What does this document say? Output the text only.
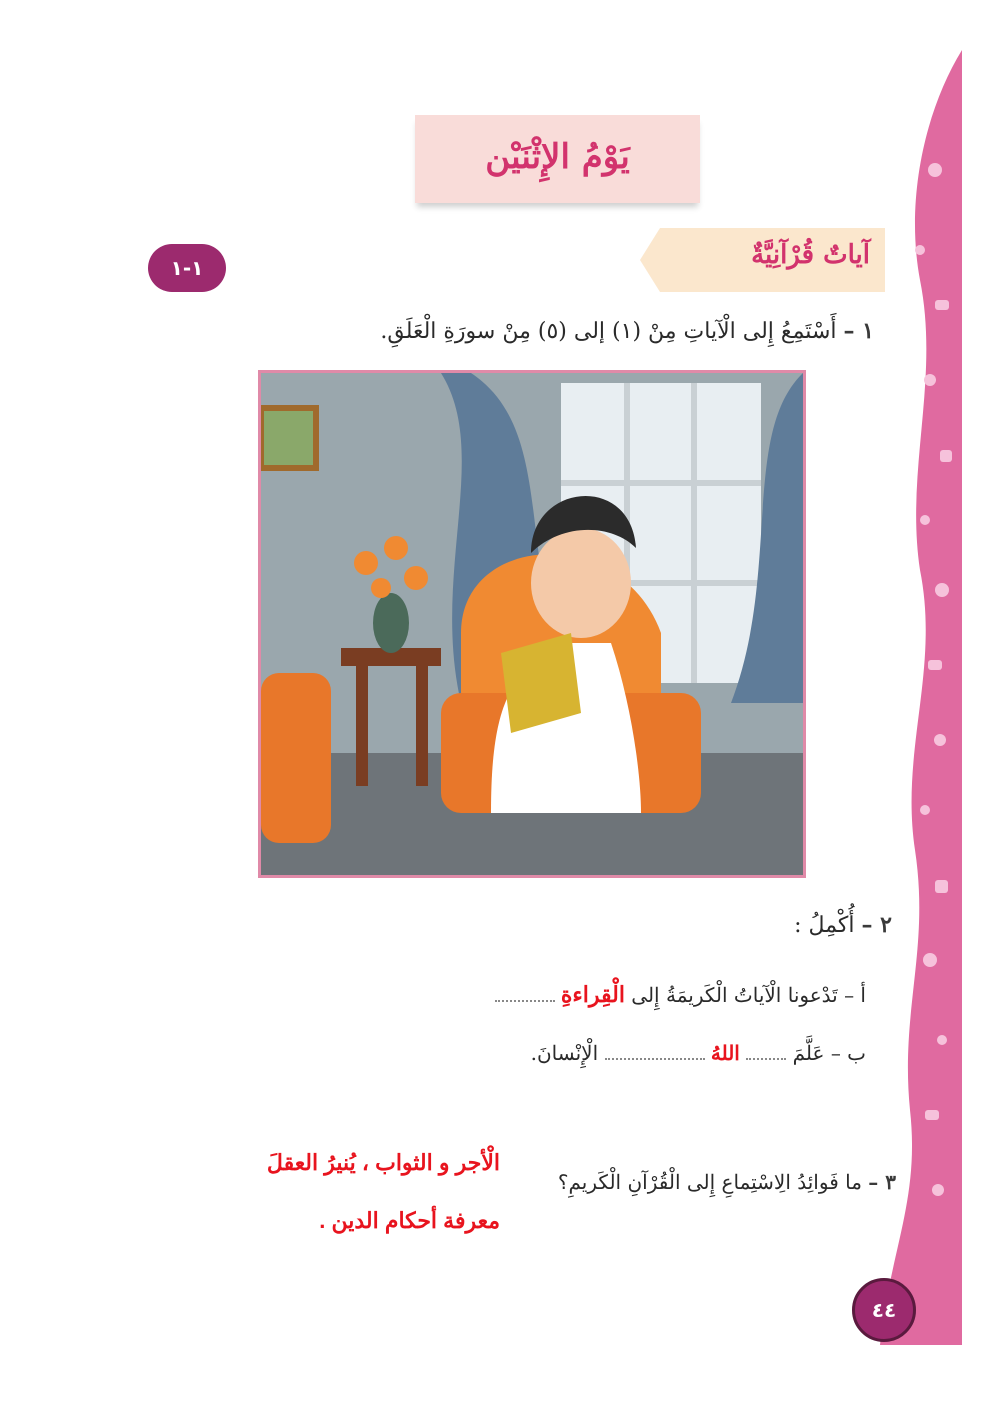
يَوْمُ الإِثْنَيْن
آياتٌ قُرْآنِيَّةٌ
١-١
١ – أَسْتَمِعُ إِلى الْآياتِ مِنْ (١) إلى (٥) مِنْ سورَةِ الْعَلَقِ.
٢ – أُكْمِلُ :
أ – تَدْعونا الْآياتُ الْكَريمَةُ إِلى الْقِراءةِ
ب – عَلَّمَ  اللهُ  الْإِنْسانَ.
٣ – ما فَوائِدُ الِاسْتِماعِ إِلى الْقُرْآنِ الْكَريمِ؟
الْأجر و الثواب ، يُنيرُ العقلَ
معرفة أحكام الدين .
٤٤
